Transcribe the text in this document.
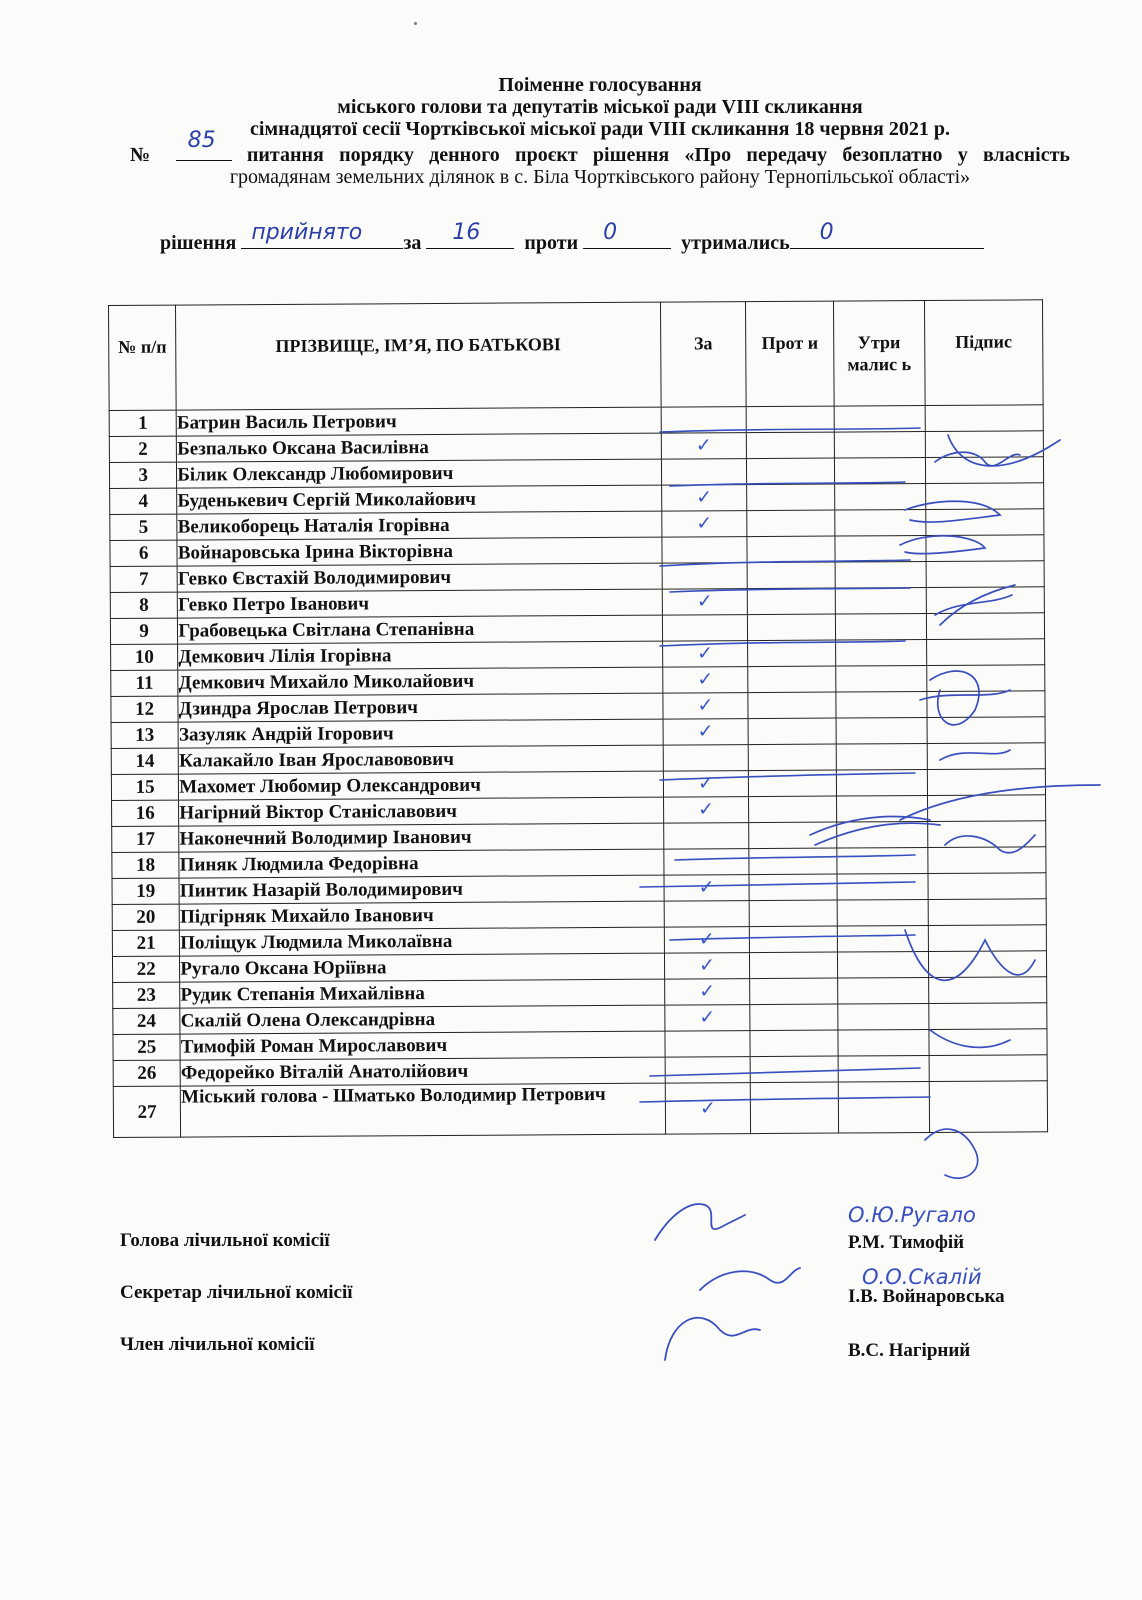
Поіменне голосування
міського голови та депутатів міської ради VIII скликання
сімнадцятої сесії Чортківської міської ради VIII скликання 18 червня 2021 р.
№
85
питання порядку денного проєкт рішення «Про передачу безоплатно у власність
громадянам земельних ділянок в с. Біла Чортківського району Тернопільської області»
рішення прийнято за 16 проти 0	утримались 0
№ п/п	ПРІЗВИЩЕ, ІМ’Я, ПО БАТЬКОВІ	За	Прот и	Утри малис ь	Підпис
1	Батрин Василь Петрович				
2	Безпалько Оксана Василівна	✓			
3	Білик Олександр Любомирович				
4	Буденькевич Сергій Миколайович	✓			
5	Великоборець Наталія Ігорівна	✓			
6	Войнаровська Ірина Вікторівна				
7	Гевко Євстахій Володимирович				
8	Гевко Петро Іванович	✓			
9	Грабовецька Світлана Степанівна				
10	Демкович Лілія Ігорівна	✓			
11	Демкович Михайло Миколайович	✓			
12	Дзиндра Ярослав Петрович	✓			
13	Зазуляк Андрій Ігорович	✓			
14	Калакайло Іван Ярославовович				
15	Махомет Любомир Олександрович	✓			
16	Нагірний Віктор Станіславович	✓			
17	Наконечний Володимир Іванович				
18	Пиняк Людмила Федорівна				
19	Пинтик Назарій Володимирович	✓			
20	Підгірняк Михайло Іванович				
21	Поліщук Людмила Миколаївна	✓			
22	Ругало Оксана Юріївна	✓			
23	Рудик Степанія Михайлівна	✓			
24	Скалій Олена Олександрівна	✓			
25	Тимофій Роман Мирославович				
26	Федорейко Віталій Анатолійович				
27	Міський голова - Шматько Володимир Петрович	✓			
О.Ю.Ругало
О.О.Скалій
Голова лічильної комісії
Секретар лічильної комісії
Член лічильної комісії
Р.М. Тимофій
І.В. Войнаровська
В.С. Нагірний
